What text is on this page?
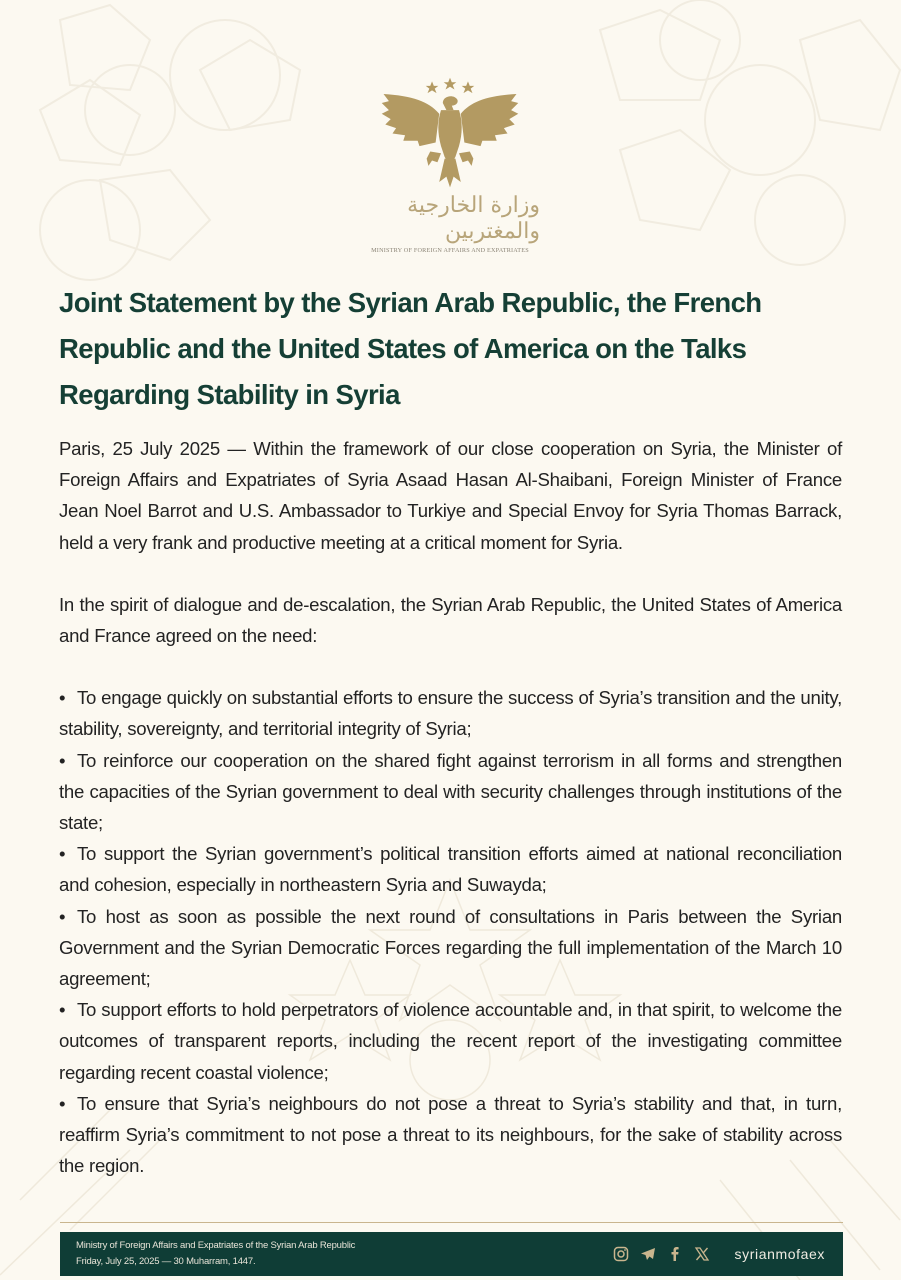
وزارة الخارجية والمغتربين
MINISTRY OF FOREIGN AFFAIRS AND EXPATRIATES
Joint Statement by the Syrian Arab Republic, the French Republic and the United States of America on the Talks Regarding Stability in Syria

Paris, 25 July 2025 — Within the framework of our close cooperation on Syria, the Minister of Foreign Affairs and Expatriates of Syria Asaad Hasan Al-Shaibani, Foreign Minister of France Jean Noel Barrot and U.S. Ambassador to Turkiye and Special Envoy for Syria Thomas Barrack, held a very frank and productive meeting at a critical moment for Syria.

In the spirit of dialogue and de-escalation, the Syrian Arab Republic, the United States of America and France agreed on the need:

• To engage quickly on substantial efforts to ensure the success of Syria’s transition and the unity, stability, sovereignty, and territorial integrity of Syria;
• To reinforce our cooperation on the shared fight against terrorism in all forms and strengthen the capacities of the Syrian government to deal with security challenges through institutions of the state;
• To support the Syrian government’s political transition efforts aimed at national reconciliation and cohesion, especially in northeastern Syria and Suwayda;
• To host as soon as possible the next round of consultations in Paris between the Syrian Government and the Syrian Democratic Forces regarding the full implementation of the March 10 agreement;
• To support efforts to hold perpetrators of violence accountable and, in that spirit, to welcome the outcomes of transparent reports, including the recent report of the investigating committee regarding recent coastal violence;
• To ensure that Syria’s neighbours do not pose a threat to Syria’s stability and that, in turn, reaffirm Syria’s commitment to not pose a threat to its neighbours, for the sake of stability across the region.
Ministry of Foreign Affairs and Expatriates of the Syrian Arab Republic
Friday, July 25, 2025 — 30 Muharram, 1447.	syrianmofaex
